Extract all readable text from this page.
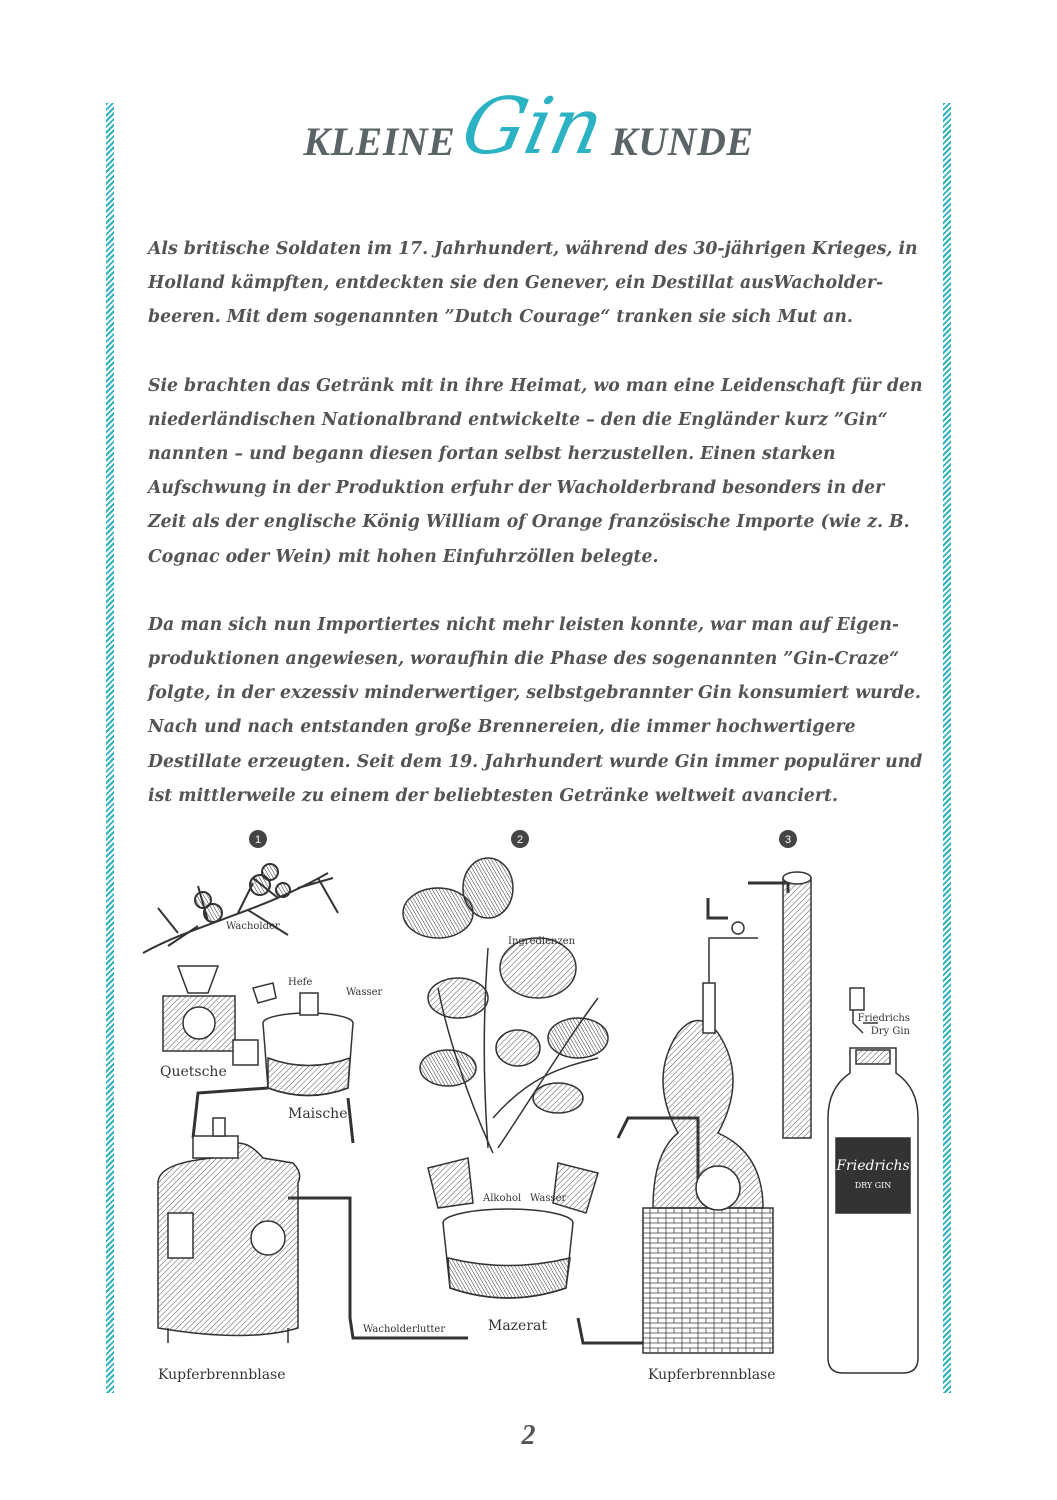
KLEINE Gin KUNDE

Als britische Soldaten im 17. Jahrhundert, während des 30-jährigen Krieges, in Holland kämpften, entdeckten sie den Genever, ein Destillat ausWacholderbeeren. Mit dem sogenannten ”Dutch Courage“ tranken sie sich Mut an.

Sie brachten das Getränk mit in ihre Heimat, wo man eine Leidenschaft für den niederländischen Nationalbrand entwickelte – den die Engländer kurz ”Gin“ nannten – und begann diesen fortan selbst herzustellen. Einen starken Aufschwung in der Produktion erfuhr der Wacholderbrand besonders in der Zeit als der englische König William of Orange französische Importe (wie z. B. Cognac oder Wein) mit hohen Einfuhrzöllen belegte.

Da man sich nun Importiertes nicht mehr leisten konnte, war man auf Eigenproduktionen angewiesen, woraufhin die Phase des sogenannten ”Gin-Craze“ folgte, in der exzessiv minderwertiger, selbstgebrannter Gin konsumiert wurde. Nach und nach entstanden große Brennereien, die immer hochwertigere Destillate erzeugten. Seit dem 19. Jahrhundert wurde Gin immer populärer und ist mittlerweile zu einem der beliebtesten Getränke weltweit avanciert.

1	2	3
Wacholder
Quetsche
Hefe
Wasser
Maische
Kupferbrennblase
Wacholderlutter
Ingredienzen
Alkohol Wasser
Mazerat
Kupferbrennblase
Friedrichs
DRY GIN
Friedrichs
Dry Gin
2
